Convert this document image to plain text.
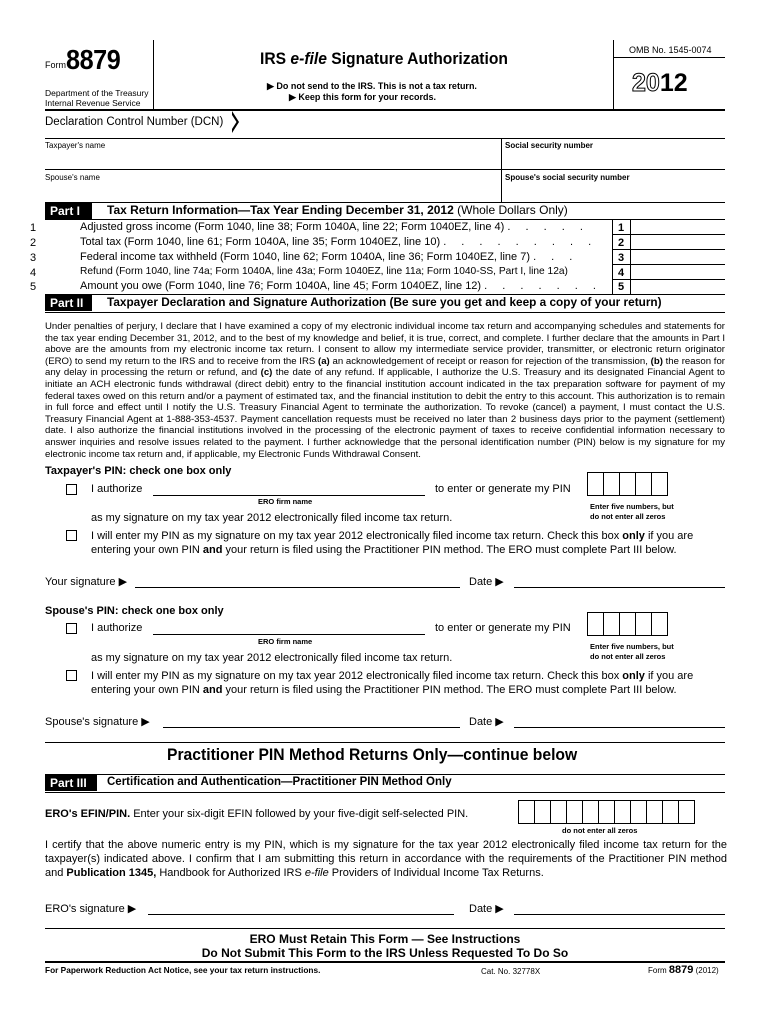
Form 8879
Department of the Treasury
Internal Revenue Service
IRS e-file Signature Authorization
▶ Do not send to the IRS. This is not a tax return.
▶ Keep this form for your records.
OMB No. 1545-0074
2012
Declaration Control Number (DCN)
Taxpayer's name	Social security number
Spouse's name	Spouse's social security number
Part I	Tax Return Information—Tax Year Ending December 31, 2012 (Whole Dollars Only)
1	Adjusted gross income (Form 1040, line 38; Form 1040A, line 22; Form 1040EZ, line 4) . . . . .	1
2	Total tax (Form 1040, line 61; Form 1040A, line 35; Form 1040EZ, line 10) . . . . . . . . .	2
3	Federal income tax withheld (Form 1040, line 62; Form 1040A, line 36; Form 1040EZ, line 7) . . .	3
4	Refund (Form 1040, line 74a; Form 1040A, line 43a; Form 1040EZ, line 11a; Form 1040-SS, Part I, line 12a)	4
5	Amount you owe (Form 1040, line 76; Form 1040A, line 45; Form 1040EZ, line 12) . . . . . . .	5
Part II	Taxpayer Declaration and Signature Authorization (Be sure you get and keep a copy of your return)

Under penalties of perjury, I declare that I have examined a copy of my electronic individual income tax return and accompanying schedules and statements for the tax year ending December 31, 2012, and to the best of my knowledge and belief, it is true, correct, and complete. I further declare that the amounts in Part I above are the amounts from my electronic income tax return. I consent to allow my intermediate service provider, transmitter, or electronic return originator (ERO) to send my return to the IRS and to receive from the IRS (a) an acknowledgement of receipt or reason for rejection of the transmission, (b) the reason for any delay in processing the return or refund, and (c) the date of any refund. If applicable, I authorize the U.S. Treasury and its designated Financial Agent to initiate an ACH electronic funds withdrawal (direct debit) entry to the financial institution account indicated in the tax preparation software for payment of my federal taxes owed on this return and/or a payment of estimated tax, and the financial institution to debit the entry to this account. This authorization is to remain in full force and effect until I notify the U.S. Treasury Financial Agent to terminate the authorization. To revoke (cancel) a payment, I must contact the U.S. Treasury Financial Agent at 1-888-353-4537. Payment cancellation requests must be received no later than 2 business days prior to the payment (settlement) date. I also authorize the financial institutions involved in the processing of the electronic payment of taxes to receive confidential information necessary to answer inquiries and resolve issues related to the payment. I further acknowledge that the personal identification number (PIN) below is my signature for my electronic income tax return and, if applicable, my Electronic Funds Withdrawal Consent.

Taxpayer's PIN: check one box only
I authorize
ERO firm name
to enter or generate my PIN
Enter five numbers, but
do not enter all zeros
as my signature on my tax year 2012 electronically filed income tax return.
I will enter my PIN as my signature on my tax year 2012 electronically filed income tax return. Check this box only if you are entering your own PIN and your return is filed using the Practitioner PIN method. The ERO must complete Part III below.
Your signature ▶	Date ▶
Spouse's PIN: check one box only
I authorize
ERO firm name
to enter or generate my PIN
Enter five numbers, but
do not enter all zeros
as my signature on my tax year 2012 electronically filed income tax return.
I will enter my PIN as my signature on my tax year 2012 electronically filed income tax return. Check this box only if you are entering your own PIN and your return is filed using the Practitioner PIN method. The ERO must complete Part III below.
Spouse's signature ▶	Date ▶
Practitioner PIN Method Returns Only—continue below
Part III	Certification and Authentication—Practitioner PIN Method Only
ERO's EFIN/PIN. Enter your six-digit EFIN followed by your five-digit self-selected PIN.
do not enter all zeros
I certify that the above numeric entry is my PIN, which is my signature for the tax year 2012 electronically filed income tax return for the taxpayer(s) indicated above. I confirm that I am submitting this return in accordance with the requirements of the Practitioner PIN method and Publication 1345, Handbook for Authorized IRS e-file Providers of Individual Income Tax Returns.
ERO's signature ▶	Date ▶
ERO Must Retain This Form — See Instructions
Do Not Submit This Form to the IRS Unless Requested To Do So
For Paperwork Reduction Act Notice, see your tax return instructions.	Cat. No. 32778X	Form 8879 (2012)
